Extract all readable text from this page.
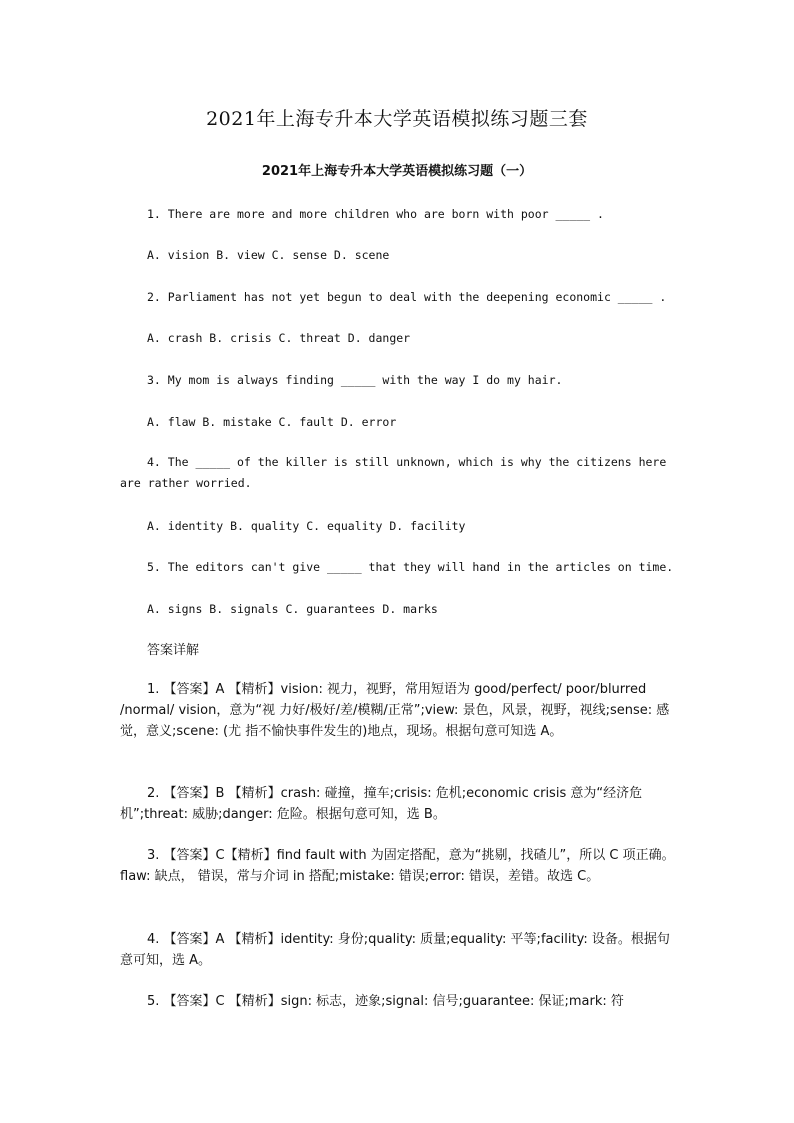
2021年上海专升本大学英语模拟练习题三套
2021年上海专升本大学英语模拟练习题（一）
1. There are more and more children who are born with poor _____ .
A. vision B. view C. sense D. scene
2. Parliament has not yet begun to deal with the deepening economic _____ .
A. crash B. crisis C. threat D. danger
3. My mom is always finding _____ with the way I do my hair.
A. flaw B. mistake C. fault D. error
4. The _____ of the killer is still unknown, which is why the citizens here are rather worried.
A. identity B. quality C. equality D. facility
5. The editors can't give _____ that they will hand in the articles on time.
A. signs B. signals C. guarantees D. marks
答案详解
1. 【答案】A 【精析】vision: 视力，视野，常用短语为 good/perfect/ poor/blurred /normal/ vision，意为“视 力好/极好/差/模糊/正常”;view: 景色，风景，视野，视线;sense: 感觉，意义;scene: (尤 指不愉快事件发生的)地点，现场。根据句意可知选 A。
2. 【答案】B 【精析】crash: 碰撞，撞车;crisis: 危机;economic crisis 意为“经济危机”;threat: 威胁;danger: 危险。根据句意可知，选 B。
3. 【答案】C【精析】find fault with 为固定搭配，意为“挑剔，找碴儿”，所以 C 项正确。flaw: 缺点， 错误，常与介词 in 搭配;mistake: 错误;error: 错误，差错。故选 C。
4. 【答案】A 【精析】identity: 身份;quality: 质量;equality: 平等;facility: 设备。根据句意可知，选 A。
5. 【答案】C 【精析】sign: 标志，迹象;signal: 信号;guarantee: 保证;mark: 符
